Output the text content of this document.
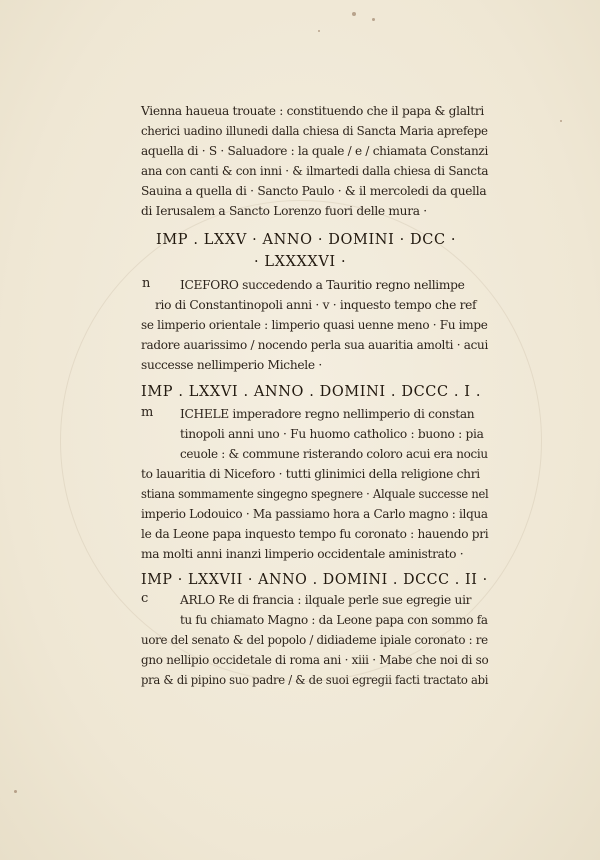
Vienna haueua trouate : constituendo che il papa & glaltri
cherici uadino illunedi dalla chiesa di Sancta Maria aprefepe
aquella di · S · Saluadore : la quale / e / chiamata Constanzi
ana con canti & con inni · & ilmartedi dalla chiesa di Sancta
Sauina a quella di · Sancto Paulo · & il mercoledi da quella
di Ierusalem a Sancto Lorenzo fuori delle mura ·
IMP . LXXV · ANNO · DOMINI · DCC ·
· LXXXXVI ·
n ICEFORO succedendo a Tauritio regno nellimpe
rio di Constantinopoli anni · v · inquesto tempo che ref
se limperio orientale : limperio quasi uenne meno · Fu impe
radore auarissimo / nocendo perla sua auaritia amolti · acui
successe nellimperio Michele ·
IMP . LXXVI . ANNO . DOMINI . DCCC . I .
m ICHELE imperadore regno nellimperio di constan
tinopoli anni uno · Fu huomo catholico : buono : pia
ceuole : & commune risterando coloro acui era nociu
to lauaritia di Niceforo · tutti glinimici della religione chri
stiana sommamente singegno spegnere · Alquale successe nel
imperio Lodouico · Ma passiamo hora a Carlo magno : ilqua
le da Leone papa inquesto tempo fu coronato : hauendo pri
ma molti anni inanzi limperio occidentale aministrato ·
IMP · LXXVII · ANNO . DOMINI . DCCC . II ·
c	ARLO Re di francia : ilquale perle sue egregie uir
tu fu chiamato Magno : da Leone papa con sommo fa
uore del senato & del popolo / didiademe ipiale coronato : re
gno nellipio occidetale di roma ani · xiii · Mabe che noi di so
pra & di pipino suo padre / & de suoi egregii facti tractato abi
